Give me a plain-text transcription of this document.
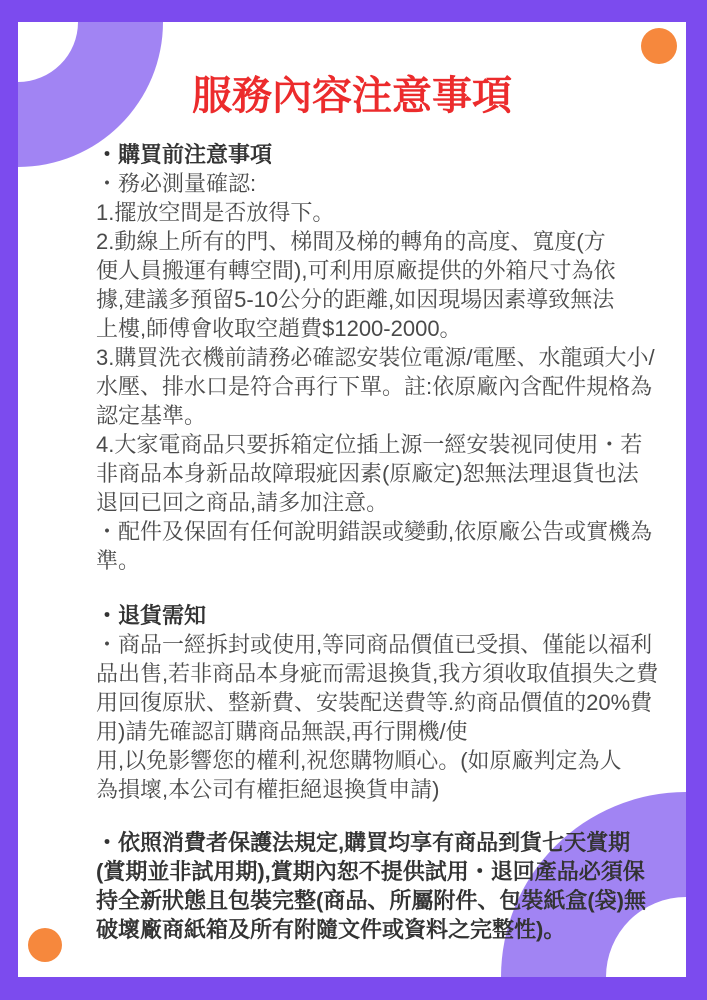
服務內容注意事項
・購買前注意事項
・務必測量確認:
1.擺放空間是否放得下。
2.動線上所有的門、梯間及梯的轉角的高度、寬度(方
便人員搬運有轉空間),可利用原廠提供的外箱尺寸為依
據,建議多預留5-10公分的距離,如因現場因素導致無法
上樓,師傅會收取空趙費$1200-2000。
3.購買洗衣機前請務必確認安裝位電源/電壓、水龍頭大小/
水壓、排水口是符合再行下單。註:依原廠內含配件規格為
認定基準。
4.大家電商品只要拆箱定位插上源一經安裝视同使用・若
非商品本身新品故障瑕疵因素(原廠定)恕無法理退貨也法
退回已回之商品,請多加注意。
・配件及保固有任何說明錯誤或變動,依原廠公告或實機為
準。
・退貨需知
・商品一經拆封或使用,等同商品價值已受損、僅能以福利
品出售,若非商品本身疵而需退換貨,我方須收取值損失之費
用回復原狀、整新費、安裝配送費等.約商品價值的20%費
用)請先確認訂購商品無誤,再行開機/使
用,以免影響您的權利,祝您購物順心。(如原廠判定為人
為損壞,本公司有權拒絕退換貨申請)
・依照消費者保護法規定,購買均享有商品到貨七天賞期
(賞期並非試用期),賞期內恕不提供試用・退回產品必須保
持全新狀態且包裝完整(商品、所屬附件、包裝紙盒(袋)無
破壞廠商紙箱及所有附隨文件或資料之完整性)。
